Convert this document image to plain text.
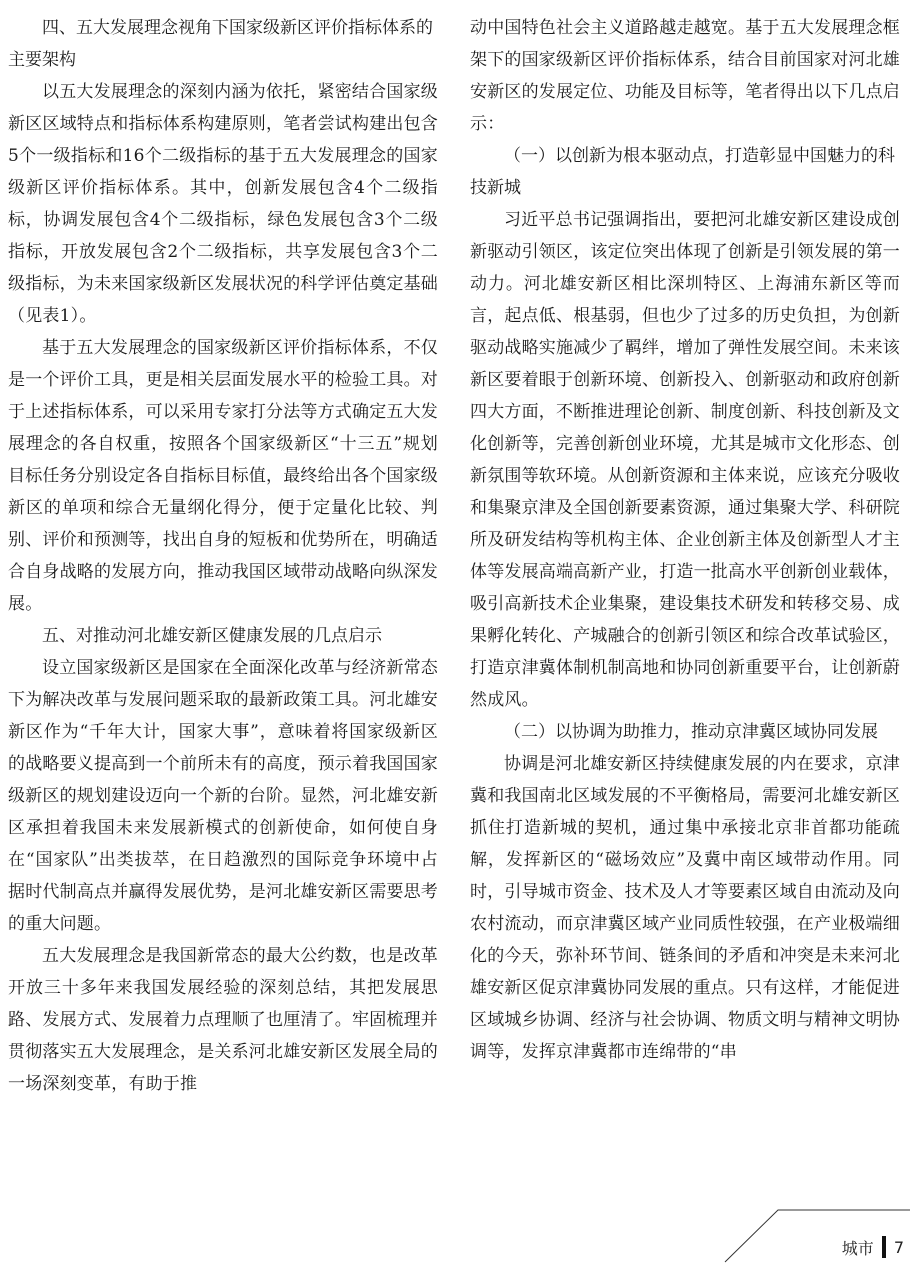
四、五大发展理念视角下国家级新区评价指标体系的主要架构

以五大发展理念的深刻内涵为依托，紧密结合国家级新区区域特点和指标体系构建原则，笔者尝试构建出包含5个一级指标和16个二级指标的基于五大发展理念的国家级新区评价指标体系。其中，创新发展包含4个二级指标，协调发展包含4个二级指标，绿色发展包含3个二级指标，开放发展包含2个二级指标，共享发展包含3个二级指标，为未来国家级新区发展状况的科学评估奠定基础（见表1）。

基于五大发展理念的国家级新区评价指标体系，不仅是一个评价工具，更是相关层面发展水平的检验工具。对于上述指标体系，可以采用专家打分法等方式确定五大发展理念的各自权重，按照各个国家级新区“十三五”规划目标任务分别设定各自指标目标值，最终给出各个国家级新区的单项和综合无量纲化得分，便于定量化比较、判别、评价和预测等，找出自身的短板和优势所在，明确适合自身战略的发展方向，推动我国区域带动战略向纵深发展。

五、对推动河北雄安新区健康发展的几点启示

设立国家级新区是国家在全面深化改革与经济新常态下为解决改革与发展问题采取的最新政策工具。河北雄安新区作为“千年大计，国家大事”，意味着将国家级新区的战略要义提高到一个前所未有的高度，预示着我国国家级新区的规划建设迈向一个新的台阶。显然，河北雄安新区承担着我国未来发展新模式的创新使命，如何使自身在“国家队”出类拔萃，在日趋激烈的国际竞争环境中占据时代制高点并赢得发展优势，是河北雄安新区需要思考的重大问题。

五大发展理念是我国新常态的最大公约数，也是改革开放三十多年来我国发展经验的深刻总结，其把发展思路、发展方式、发展着力点理顺了也厘清了。牢固梳理并贯彻落实五大发展理念，是关系河北雄安新区发展全局的一场深刻变革，有助于推

动中国特色社会主义道路越走越宽。基于五大发展理念框架下的国家级新区评价指标体系，结合目前国家对河北雄安新区的发展定位、功能及目标等，笔者得出以下几点启示：

（一）以创新为根本驱动点，打造彰显中国魅力的科技新城

习近平总书记强调指出，要把河北雄安新区建设成创新驱动引领区，该定位突出体现了创新是引领发展的第一动力。河北雄安新区相比深圳特区、上海浦东新区等而言，起点低、根基弱，但也少了过多的历史负担，为创新驱动战略实施减少了羁绊，增加了弹性发展空间。未来该新区要着眼于创新环境、创新投入、创新驱动和政府创新四大方面，不断推进理论创新、制度创新、科技创新及文化创新等，完善创新创业环境，尤其是城市文化形态、创新氛围等软环境。从创新资源和主体来说，应该充分吸收和集聚京津及全国创新要素资源，通过集聚大学、科研院所及研发结构等机构主体、企业创新主体及创新型人才主体等发展高端高新产业，打造一批高水平创新创业载体，吸引高新技术企业集聚，建设集技术研发和转移交易、成果孵化转化、产城融合的创新引领区和综合改革试验区，打造京津冀体制机制高地和协同创新重要平台，让创新蔚然成风。

（二）以协调为助推力，推动京津冀区域协同发展

协调是河北雄安新区持续健康发展的内在要求，京津冀和我国南北区域发展的不平衡格局，需要河北雄安新区抓住打造新城的契机，通过集中承接北京非首都功能疏解，发挥新区的“磁场效应”及冀中南区域带动作用。同时，引导城市资金、技术及人才等要素区域自由流动及向农村流动，而京津冀区域产业同质性较强，在产业极端细化的今天，弥补环节间、链条间的矛盾和冲突是未来河北雄安新区促京津冀协同发展的重点。只有这样，才能促进区域城乡协调、经济与社会协调、物质文明与精神文明协调等，发挥京津冀都市连绵带的“串

城市 7
